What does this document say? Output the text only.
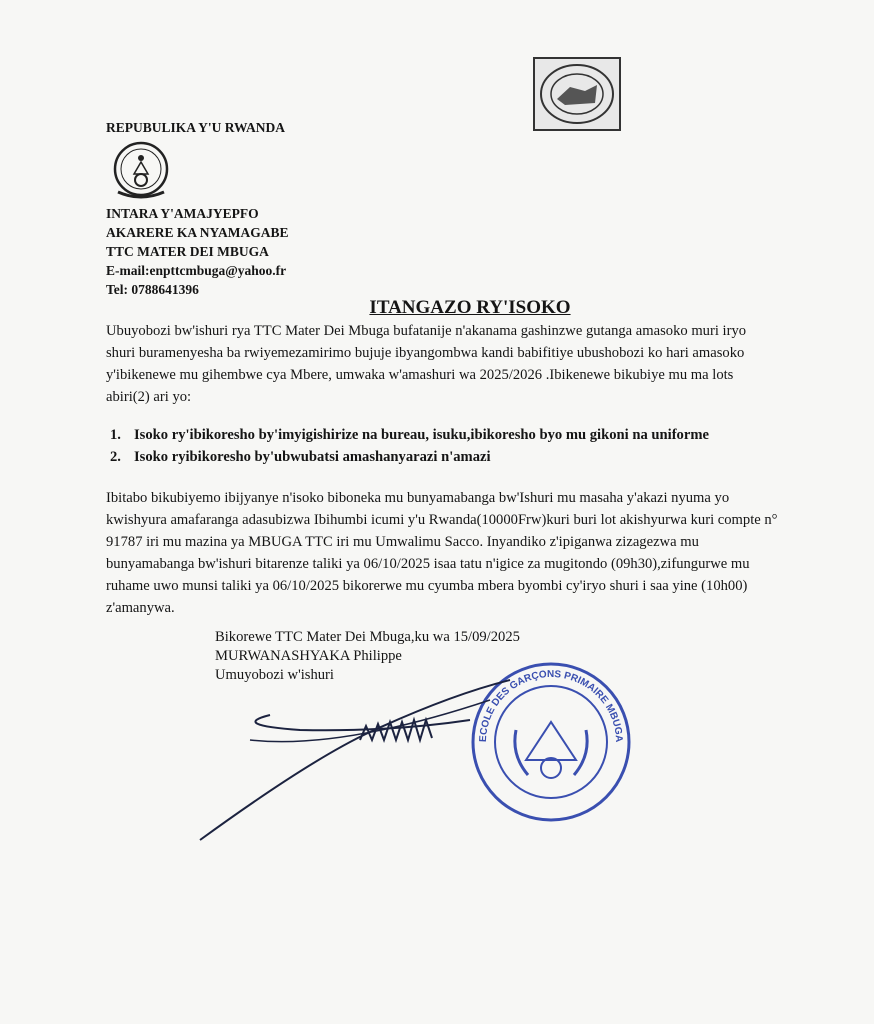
REPUBULIKA Y'U RWANDA
INTARA Y'AMAJYEPFO
AKARERE KA NYAMAGABE
TTC MATER DEI MBUGA
E-mail:enpttcmbuga@yahoo.fr
Tel: 0788641396
ITANGAZO RY'ISOKO
Ubuyobozi bw'ishuri rya TTC Mater Dei Mbuga bufatanije n'akanama gashinzwe gutanga amasoko muri iryo shuri buramenyesha ba rwiyemezamirimo bujuje ibyangombwa kandi babifitiye ubushobozi ko hari amasoko y'ibikenewe mu gihembwe cya Mbere, umwaka w'amashuri wa 2025/2026 .Ibikenewe bikubiye mu ma lots abiri(2) ari yo:
1. Isoko ry'ibikoresho by'imyigishirize na bureau, isuku,ibikoresho byo mu gikoni na uniforme
2. Isoko ryibikoresho by'ubwubatsi amashanyarazi n'amazi
Ibitabo bikubiyemo ibijyanye n'isoko biboneka mu bunyamabanga bw'Ishuri mu masaha y'akazi nyuma yo kwishyura amafaranga adasubizwa Ibihumbi icumi y'u Rwanda(10000Frw)kuri buri lot akishyurwa kuri compte n° 91787 iri mu mazina ya MBUGA TTC iri mu Umwalimu Sacco. Inyandiko z'ipiganwa zizagezwa mu bunyamabanga bw'ishuri bitarenze taliki ya 06/10/2025 isaa tatu n'igice za mugitondo (09h30),zifungurwe mu ruhame uwo munsi taliki ya 06/10/2025 bikorerwe mu cyumba mbera byombi cy'iryo shuri i saa yine (10h00) z'amanywa.
Bikorewe TTC Mater Dei Mbuga,ku wa 15/09/2025
MURWANASHYAKA Philippe
Umuyobozi w'ishuri
ECOLE DES GARÇONS PRIMAIRE MBUGA
